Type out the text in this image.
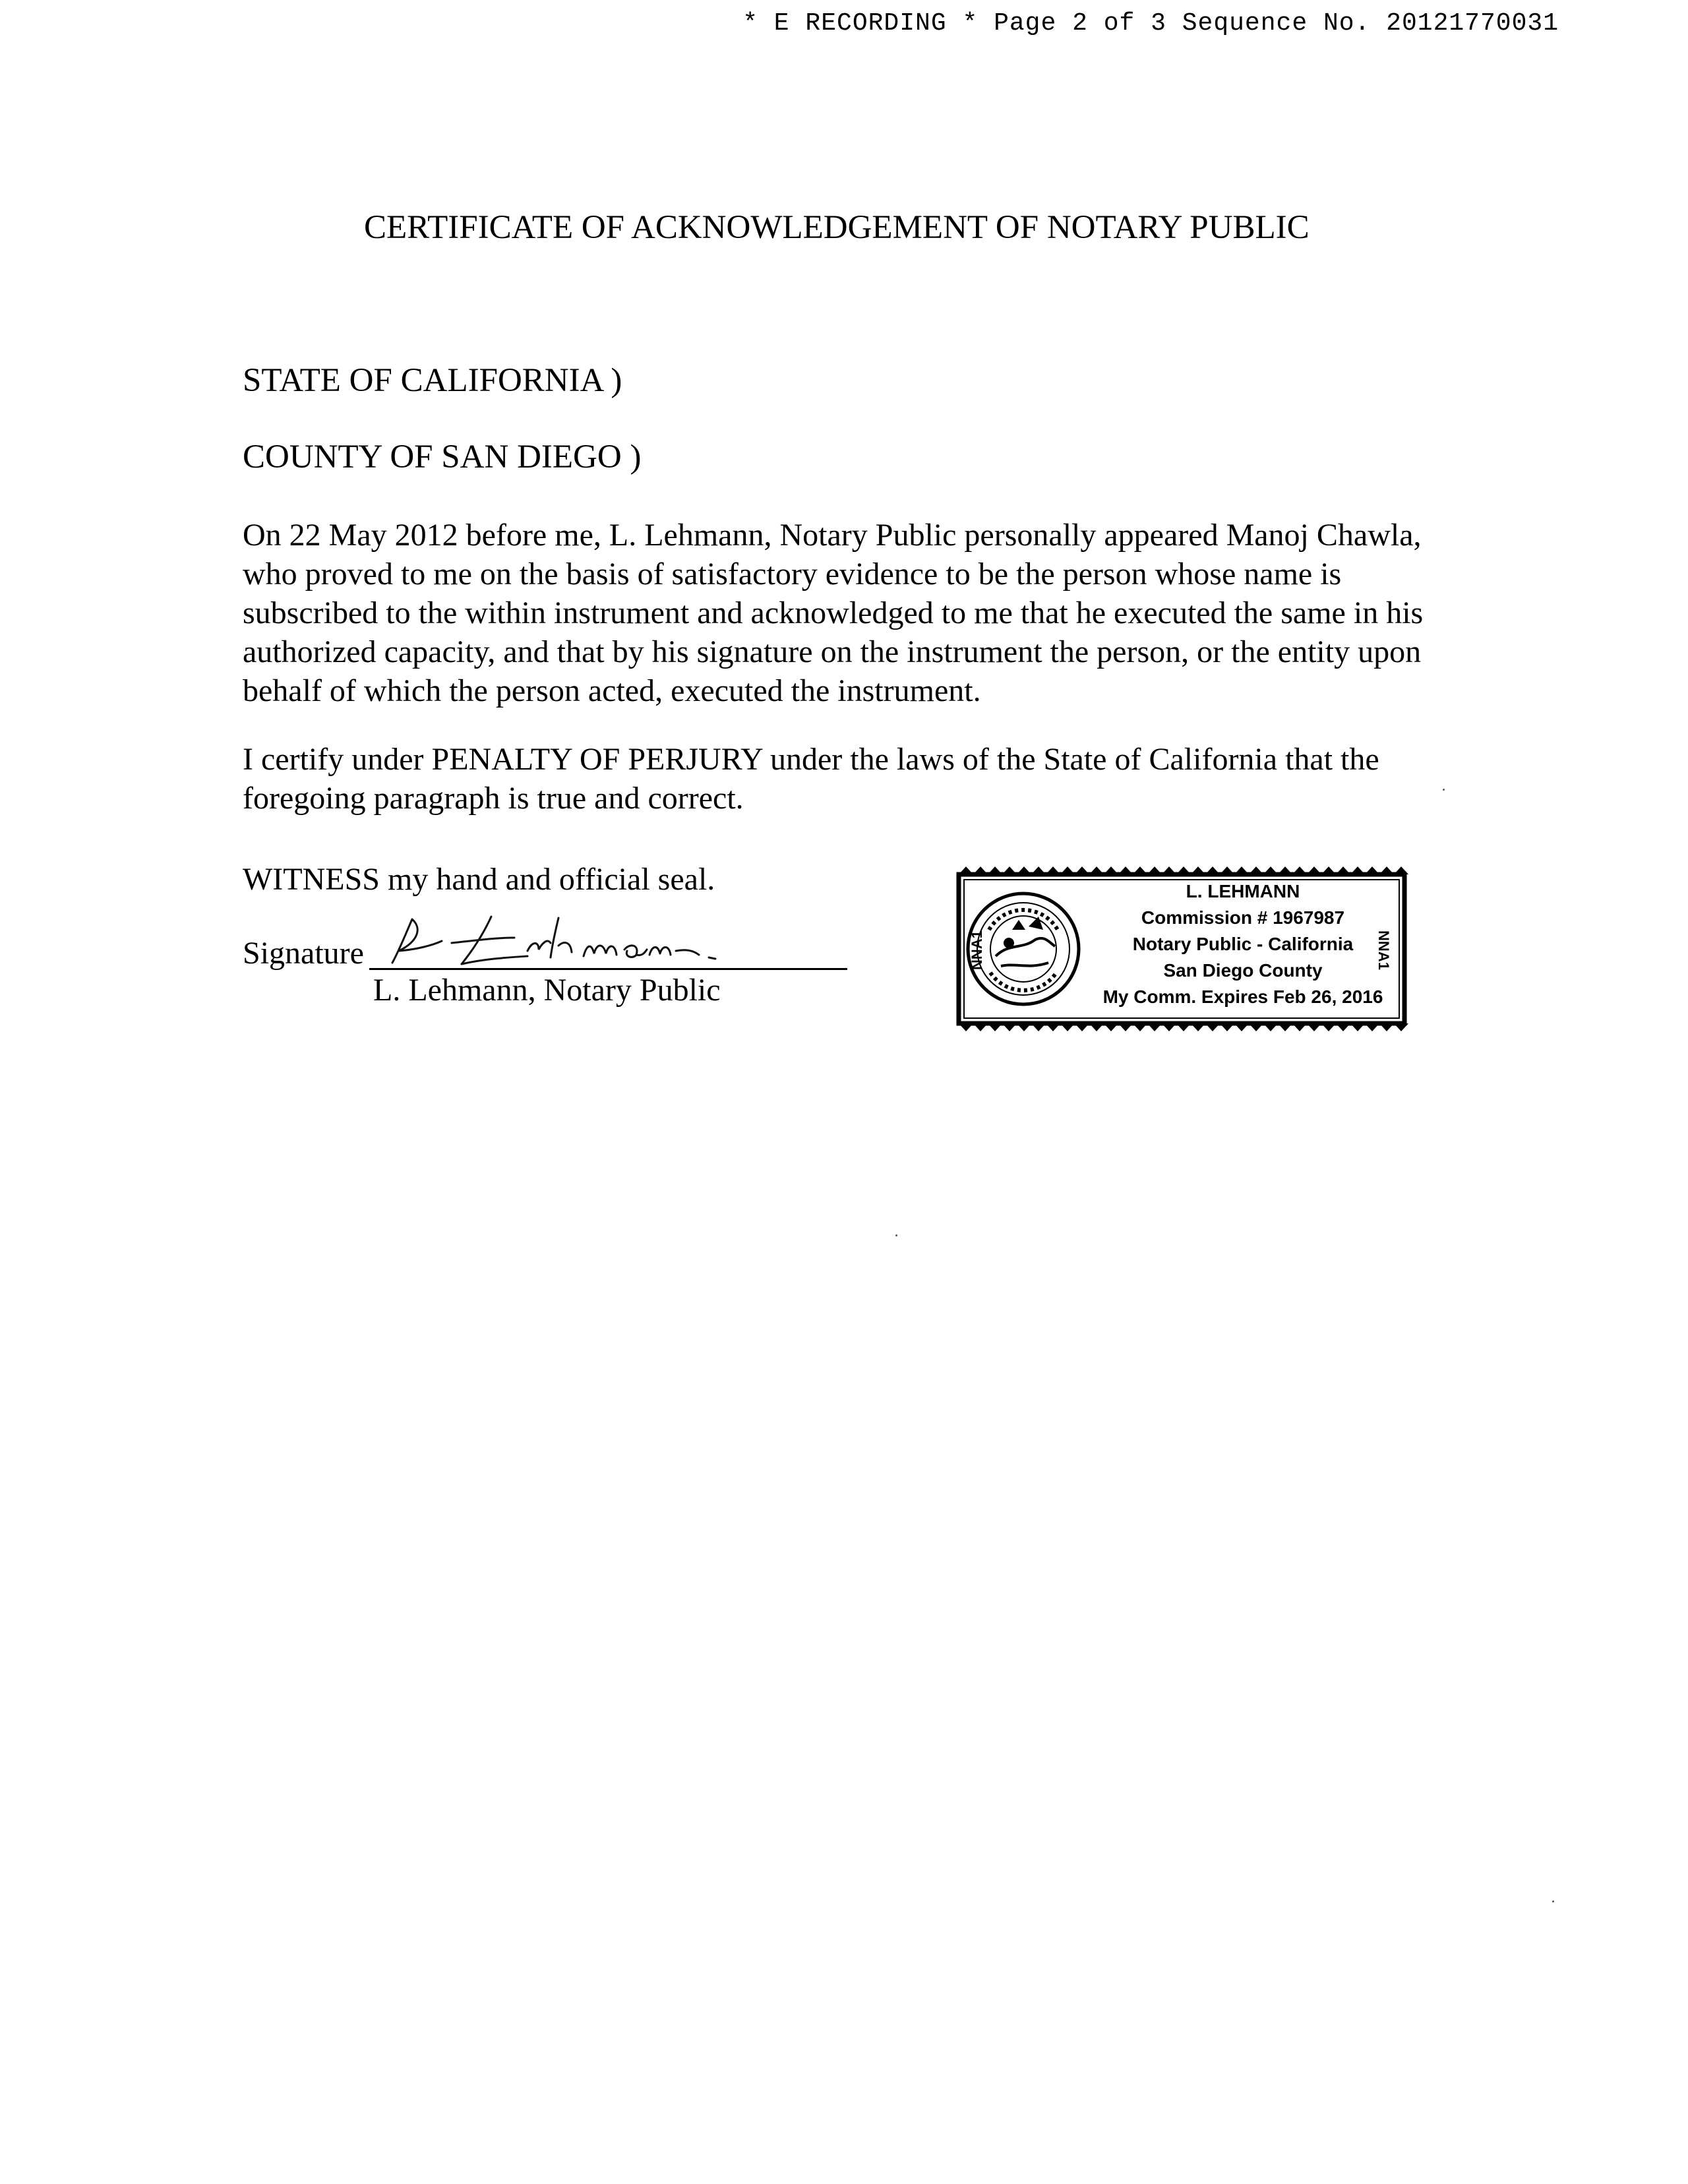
* E RECORDING * Page 2 of 3 Sequence No. 20121770031
CERTIFICATE OF ACKNOWLEDGEMENT OF NOTARY PUBLIC
STATE OF CALIFORNIA )
COUNTY OF SAN DIEGO )
On 22 May 2012 before me, L. Lehmann, Notary Public personally appeared Manoj Chawla, who proved to me on the basis of satisfactory evidence to be the person whose name is subscribed to the within instrument and acknowledged to me that he executed the same in his authorized capacity, and that by his signature on the instrument the person, or the entity upon behalf of which the person acted, executed the instrument.
I certify under PENALTY OF PERJURY under the laws of the State of California that the foregoing paragraph is true and correct.
WITNESS my hand and official seal.
Signature
L. Lehmann, Notary Public
NNA1	NNA1
L. LEHMANN
Commission # 1967987
Notary Public - California
San Diego County
My Comm. Expires Feb 26, 2016
